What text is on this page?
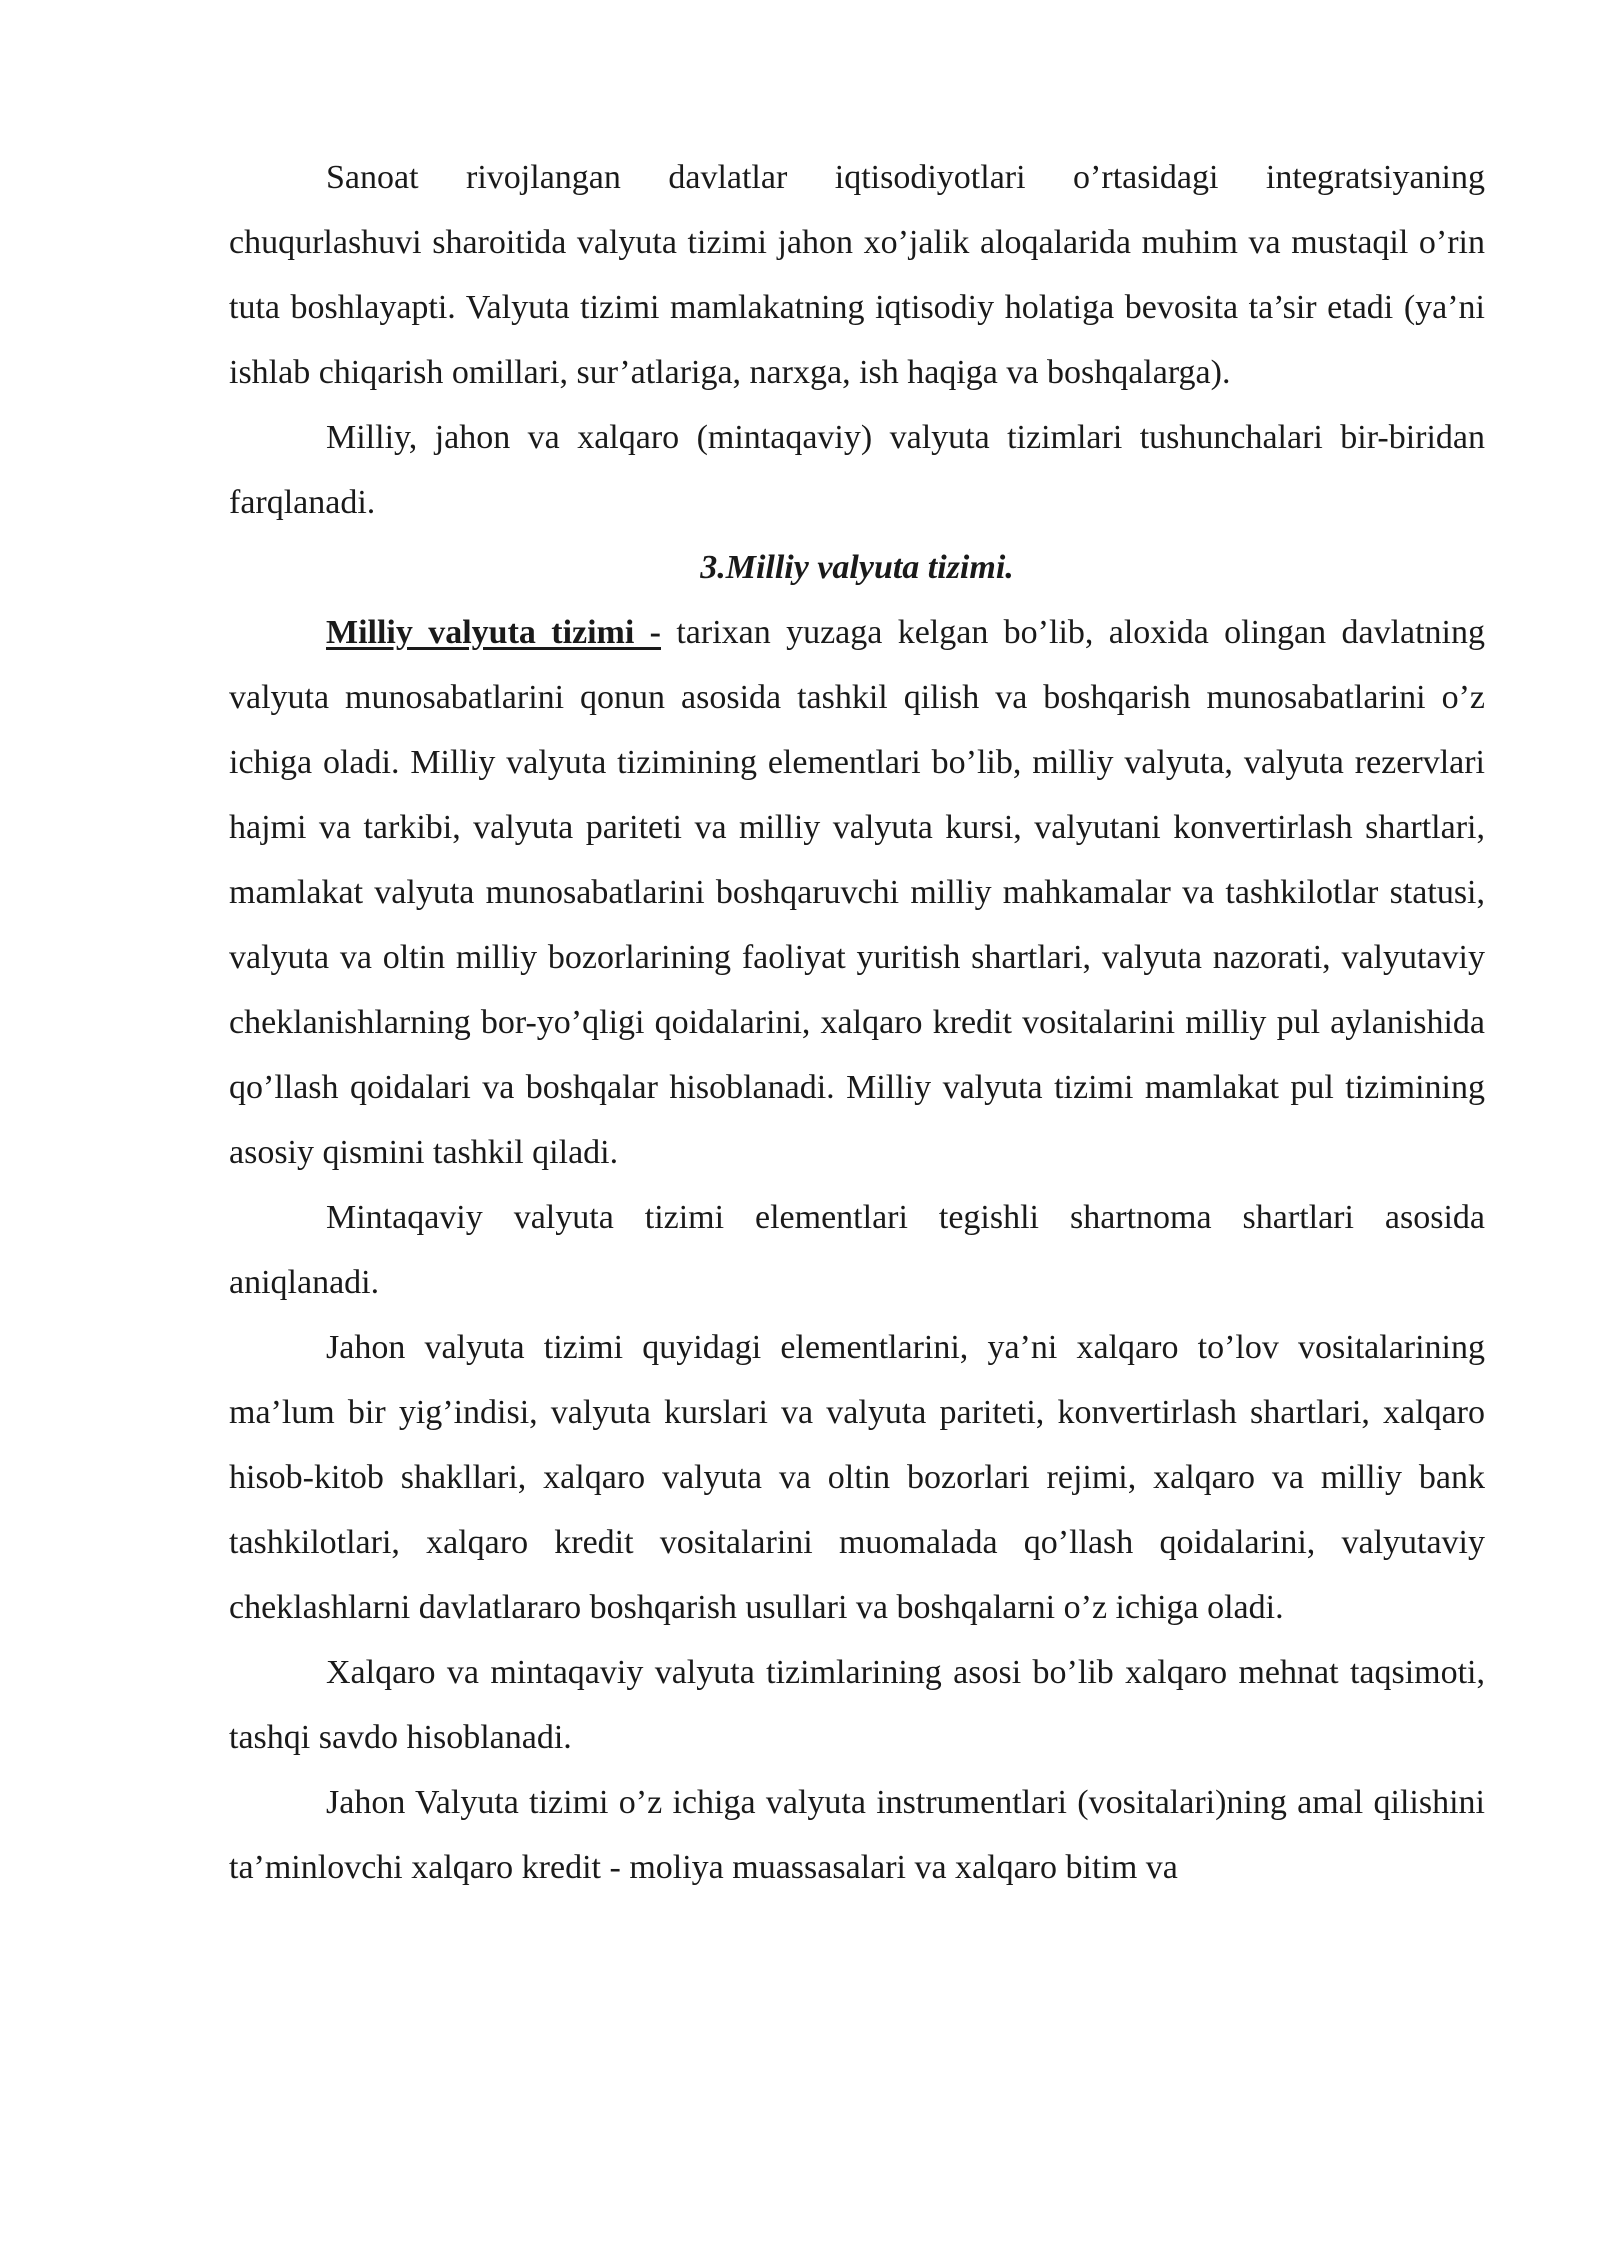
Sanoat rivojlangan davlatlar iqtisodiyotlari o’rtasidagi integratsiyaning chuqurlashuvi sharoitida valyuta tizimi jahon xo’jalik aloqalarida muhim va mustaqil o’rin tuta boshlayapti. Valyuta tizimi mamlakatning iqtisodiy holatiga bevosita ta’sir etadi (ya’ni ishlab chiqarish omillari, sur’atlariga, narxga, ish haqiga va boshqalarga).

Milliy, jahon va xalqaro (mintaqaviy) valyuta tizimlari tushunchalari bir-biridan farqlanadi.

3.Milliy valyuta tizimi.

Milliy valyuta tizimi - tarixan yuzaga kelgan bo’lib, aloxida olingan davlatning valyuta munosabatlarini qonun asosida tashkil qilish va boshqarish munosabatlarini o’z ichiga oladi. Milliy valyuta tizimining elementlari bo’lib, milliy valyuta, valyuta rezervlari hajmi va tarkibi, valyuta pariteti va milliy valyuta kursi, valyutani konvertirlash shartlari, mamlakat valyuta munosabatlarini boshqaruvchi milliy mahkamalar va tashkilotlar statusi, valyuta va oltin milliy bozorlarining faoliyat yuritish shartlari, valyuta nazorati, valyutaviy cheklanishlarning bor-yo’qligi qoidalarini, xalqaro kredit vositalarini milliy pul aylanishida qo’llash qoidalari va boshqalar hisoblanadi. Milliy valyuta tizimi mamlakat pul tizimining asosiy qismini tashkil qiladi.

Mintaqaviy valyuta tizimi elementlari tegishli shartnoma shartlari asosida aniqlanadi.

Jahon valyuta tizimi quyidagi elementlarini, ya’ni xalqaro to’lov vositalarining ma’lum bir yig’indisi, valyuta kurslari va valyuta pariteti, konvertirlash shartlari, xalqaro hisob-kitob shakllari, xalqaro valyuta va oltin bozorlari rejimi, xalqaro va milliy bank tashkilotlari, xalqaro kredit vositalarini muomalada qo’llash qoidalarini, valyutaviy cheklashlarni davlatlararo boshqarish usullari va boshqalarni o’z ichiga oladi.

Xalqaro va mintaqaviy valyuta tizimlarining asosi bo’lib xalqaro mehnat taqsimoti, tashqi savdo hisoblanadi.

Jahon Valyuta tizimi o’z ichiga valyuta instrumentlari (vositalari)ning amal qilishini ta’minlovchi xalqaro kredit - moliya muassasalari va xalqaro bitim va
